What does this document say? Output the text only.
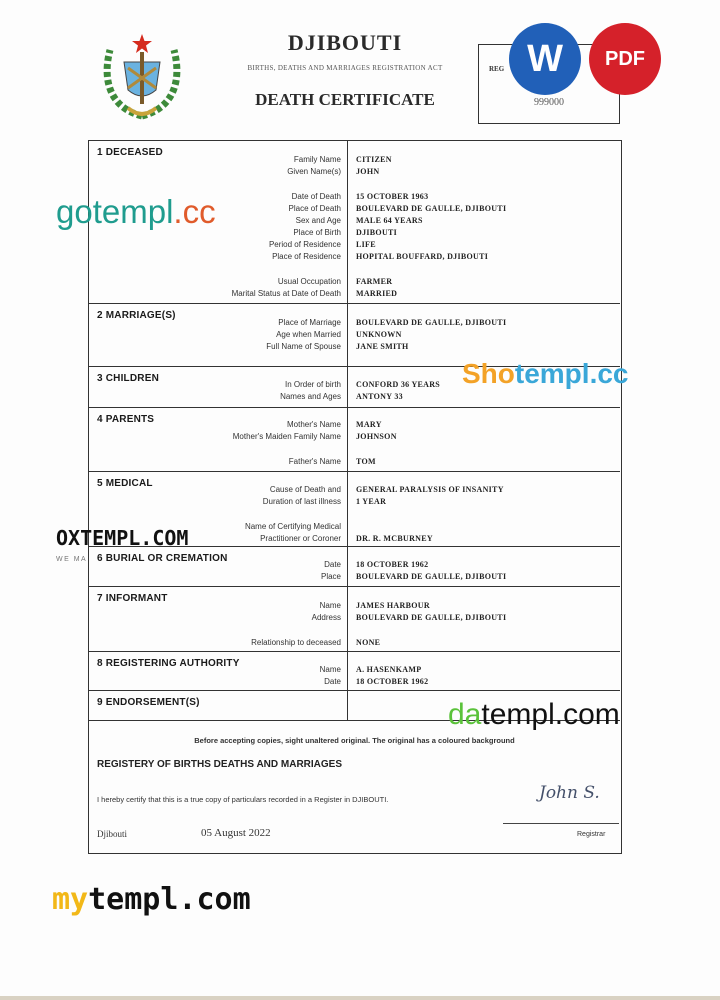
DJIBOUTI
BIRTHS, DEATHS AND MARRIAGES REGISTRATION ACT
DEATH CERTIFICATE
REG
999000
W	PDF
1 DECEASED
Family Name CITIZEN
Given Name(s) JOHN
Date of Death 15 OCTOBER 1963
Place of Death BOULEVARD DE GAULLE, DJIBOUTI
Sex and Age MALE 64 YEARS
Place of Birth DJIBOUTI
Period of Residence LIFE
Place of Residence HOPITAL BOUFFARD, DJIBOUTI
Usual Occupation FARMER
Marital Status at Date of Death MARRIED
2 MARRIAGE(S)
Place of Marriage BOULEVARD DE GAULLE, DJIBOUTI
Age when Married UNKNOWN
Full Name of Spouse JANE SMITH
3 CHILDREN
In Order of birth CONFORD 36 YEARS
Names and Ages ANTONY 33
4 PARENTS	Mother's Name MARY
Mother's Maiden Family Name JOHNSON
Father's Name TOM
5 MEDICAL
Cause of Death and GENERAL PARALYSIS OF INSANITY
Duration of last illness 1 YEAR
Name of Certifying Medical
Practitioner or Coroner DR. R. MCBURNEY
6 BURIAL OR CREMATION
Date 18 OCTOBER 1962
Place BOULEVARD DE GAULLE, DJIBOUTI
7 INFORMANT
Name JAMES HARBOUR
Address BOULEVARD DE GAULLE, DJIBOUTI
Relationship to deceased NONE
8 REGISTERING AUTHORITY
Name A. HASENKAMP
Date 18 OCTOBER 1962
9 ENDORSEMENT(S)
Before accepting copies, sight unaltered original. The original has a coloured background
REGISTERY OF BIRTHS DEATHS AND MARRIAGES
I hereby certify that this is a true copy of particulars recorded in a Register in DJIBOUTI.
Djibouti	05 August 2022
John S.
Registrar
gotempl.cc
Shotempl.cc
OXTEMPL.COM
WE MA
datempl.com
mytempl.com
